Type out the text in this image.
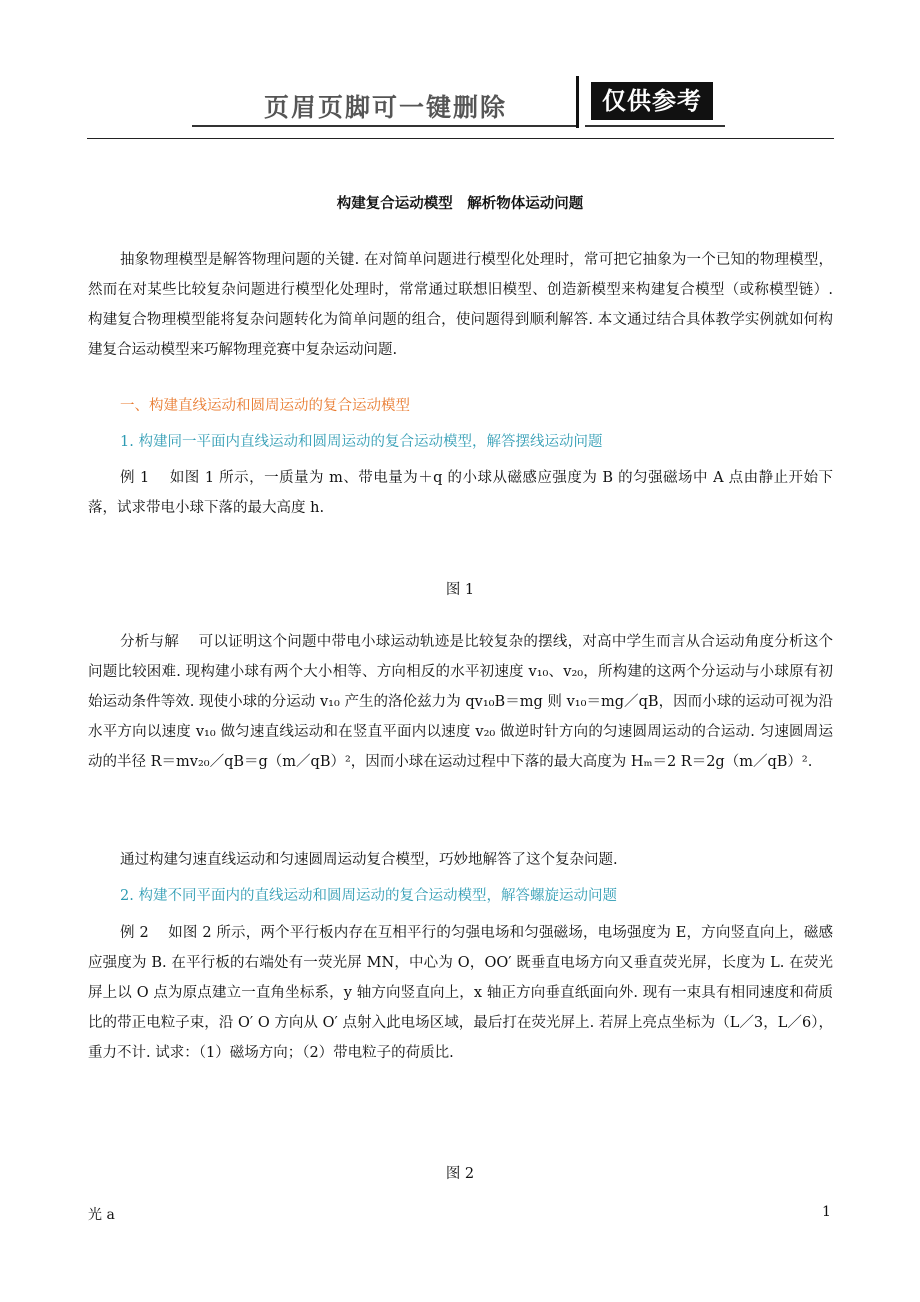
页眉页脚可一键删除	仅供参考
构建复合运动模型　解析物体运动问题

抽象物理模型是解答物理问题的关键. 在对简单问题进行模型化处理时，常可把它抽象为一个已知的物理模型，然而在对某些比较复杂问题进行模型化处理时，常常通过联想旧模型、创造新模型来构建复合模型（或称模型链）. 构建复合物理模型能将复杂问题转化为简单问题的组合，使问题得到顺利解答. 本文通过结合具体教学实例就如何构建复合运动模型来巧解物理竞赛中复杂运动问题.

一、构建直线运动和圆周运动的复合运动模型

1. 构建同一平面内直线运动和圆周运动的复合运动模型，解答摆线运动问题

例 1　 如图 1 所示，一质量为 m、带电量为＋q 的小球从磁感应强度为 B 的匀强磁场中 A 点由静止开始下落，试求带电小球下落的最大高度 h.

图 1

分析与解　 可以证明这个问题中带电小球运动轨迹是比较复杂的摆线，对高中学生而言从合运动角度分析这个问题比较困难. 现构建小球有两个大小相等、方向相反的水平初速度 v₁₀、v₂₀，所构建的这两个分运动与小球原有初始运动条件等效. 现使小球的分运动 v₁₀ 产生的洛伦兹力为 qv₁₀B＝mg 则 v₁₀＝mg／qB，因而小球的运动可视为沿水平方向以速度 v₁₀ 做匀速直线运动和在竖直平面内以速度 v₂₀ 做逆时针方向的匀速圆周运动的合运动. 匀速圆周运动的半径 R＝mv₂₀／qB＝g（m／qB）²，因而小球在运动过程中下落的最大高度为 Hₘ＝2 R＝2g（m／qB）².

通过构建匀速直线运动和匀速圆周运动复合模型，巧妙地解答了这个复杂问题.

2. 构建不同平面内的直线运动和圆周运动的复合运动模型，解答螺旋运动问题

例 2　 如图 2 所示，两个平行板内存在互相平行的匀强电场和匀强磁场，电场强度为 E，方向竖直向上，磁感应强度为 B. 在平行板的右端处有一荧光屏 MN，中心为 O，OO′ 既垂直电场方向又垂直荧光屏，长度为 L. 在荧光屏上以 O 点为原点建立一直角坐标系，y 轴方向竖直向上，x 轴正方向垂直纸面向外. 现有一束具有相同速度和荷质比的带正电粒子束，沿 O′ O 方向从 O′ 点射入此电场区域，最后打在荧光屏上. 若屏上亮点坐标为（L／3，L／6），重力不计. 试求：（1）磁场方向；（2）带电粒子的荷质比.

图 2
光 a	1
